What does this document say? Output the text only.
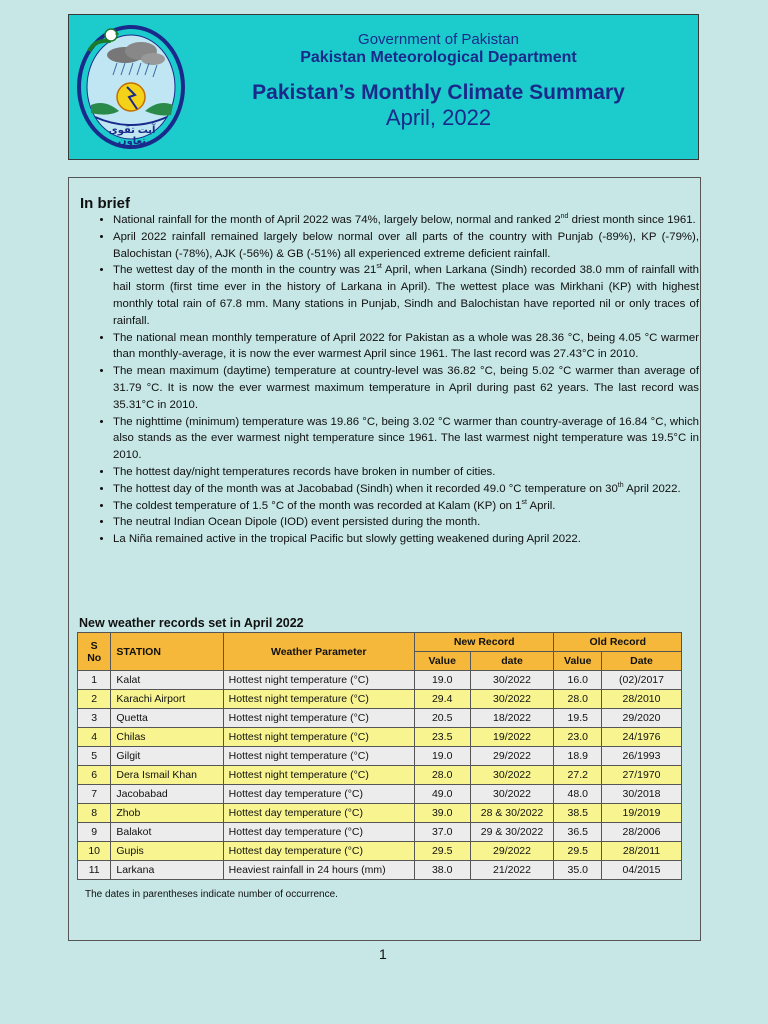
آیت تقوی تعاون
Government of Pakistan
Pakistan Meteorological Department
Pakistan’s Monthly Climate Summary
April, 2022
In brief
• National rainfall for the month of April 2022 was 74%, largely below, normal and ranked 2nd driest month since 1961.
• April 2022 rainfall remained largely below normal over all parts of the country with Punjab (-89%), KP (-79%), Balochistan (-78%), AJK (-56%) & GB (-51%) all experienced extreme deficient rainfall.
• The wettest day of the month in the country was 21st April, when Larkana (Sindh) recorded 38.0 mm of rainfall with hail storm (first time ever in the history of Larkana in April). The wettest place was Mirkhani (KP) with highest monthly total rain of 67.8 mm. Many stations in Punjab, Sindh and Balochistan have reported nil or only traces of rainfall.
• The national mean monthly temperature of April 2022 for Pakistan as a whole was 28.36 °C, being 4.05 °C warmer than monthly-average, it is now the ever warmest April since 1961. The last record was 27.43°C in 2010.
• The mean maximum (daytime) temperature at country-level was 36.82 °C, being 5.02 °C warmer than average of 31.79 °C. It is now the ever warmest maximum temperature in April during past 62 years. The last record was 35.31°C in 2010.
• The nighttime (minimum) temperature was 19.86 °C, being 3.02 °C warmer than country-average of 16.84 °C, which also stands as the ever warmest night temperature since 1961. The last warmest night temperature was 19.5°C in 2010.
• The hottest day/night temperatures records have broken in number of cities.
• The hottest day of the month was at Jacobabad (Sindh) when it recorded 49.0 °C temperature on 30th April 2022.
• The coldest temperature of 1.5 °C of the month was recorded at Kalam (KP) on 1st April.
• The neutral Indian Ocean Dipole (IOD) event persisted during the month.
• La Niña remained active in the tropical Pacific but slowly getting weakened during April 2022.
New weather records set in April 2022
S No	STATION	Weather Parameter	New Record		Old Record	
			Value	date	Value	Date
1	Kalat	Hottest night temperature (°C)	19.0	30/2022	16.0	(02)/2017
2	Karachi Airport	Hottest night temperature (°C)	29.4	30/2022	28.0	28/2010
3	Quetta	Hottest night temperature (°C)	20.5	18/2022	19.5	29/2020
4	Chilas	Hottest night temperature (°C)	23.5	19/2022	23.0	24/1976
5	Gilgit	Hottest night temperature (°C)	19.0	29/2022	18.9	26/1993
6	Dera Ismail Khan	Hottest night temperature (°C)	28.0	30/2022	27.2	27/1970
7	Jacobabad	Hottest day temperature (°C)	49.0	30/2022	48.0	30/2018
8	Zhob	Hottest day temperature (°C)	39.0	28 & 30/2022	38.5	19/2019
9	Balakot	Hottest day temperature (°C)	37.0	29 & 30/2022	36.5	28/2006
10	Gupis	Hottest day temperature (°C)	29.5	29/2022	29.5	28/2011
11	Larkana	Heaviest rainfall in 24 hours (mm)	38.0	21/2022	35.0	04/2015
The dates in parentheses indicate number of occurrence.
1
